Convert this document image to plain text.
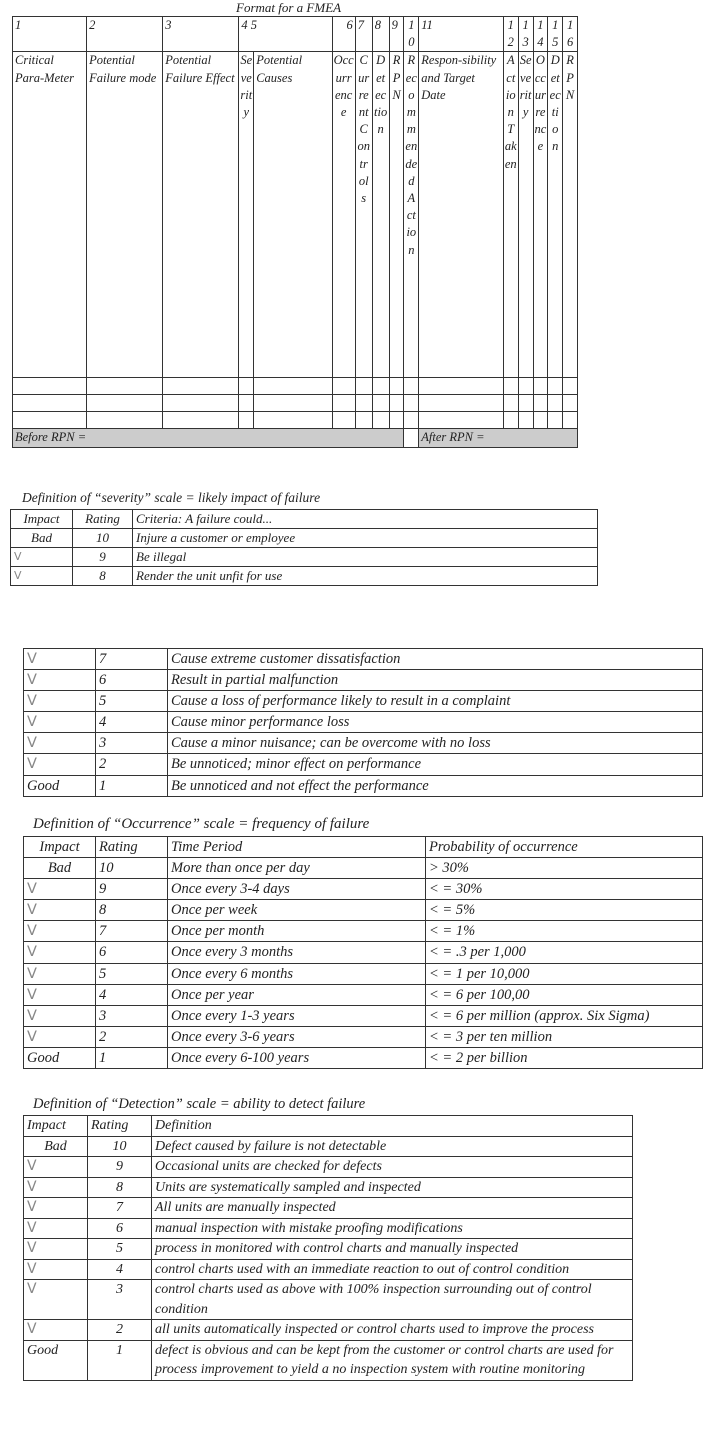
Format for a FMEA
1	2	3	4 5		6	7	8	9	1 0	11	1 2	1 3	1 4	1 5	1 6
Critical Para-Meter	Potential Failure mode	Potential Failure Effect	Severity	Potential Causes	Occurrence	Current Controls	Detection	RPN	Recommended Action	Respon-sibility and Target Date	Action Taken	Severity	Occurrence	Detection	RPN

Before RPN =										After RPN =					
Definition of “severity” scale = likely impact of failure
Impact	Rating	Criteria: A failure could...
Bad	10	Injure a customer or employee
V	9	Be illegal
V	8	Render the unit unfit for use
V	7	Cause extreme customer dissatisfaction
V	6	Result in partial malfunction
V	5	Cause a loss of performance likely to result in a complaint
V	4	Cause minor performance loss
V	3	Cause a minor nuisance; can be overcome with no loss
V	2	Be unnoticed; minor effect on performance
Good	1	Be unnoticed and not effect the performance
Definition of “Occurrence” scale = frequency of failure
Impact	Rating	Time Period	Probability of occurrence
Bad	10	More than once per day	> 30%
V	9	Once every 3-4 days	< = 30%
V	8	Once per week	< = 5%
V	7	Once per month	< = 1%
V	6	Once every 3 months	< = .3 per 1,000
V	5	Once every 6 months	< = 1 per 10,000
V	4	Once per year	< = 6 per 100,00
V	3	Once every 1-3 years	< = 6 per million (approx. Six Sigma)
V	2	Once every 3-6 years	< = 3 per ten million
Good	1	Once every 6-100 years	< = 2 per billion
Definition of “Detection” scale = ability to detect failure
Impact	Rating	Definition
Bad	10	Defect caused by failure is not detectable
V	9	Occasional units are checked for defects
V	8	Units are systematically sampled and inspected
V	7	All units are manually inspected
V	6	manual inspection with mistake proofing modifications
V	5	process in monitored with control charts and manually inspected
V	4	control charts used with an immediate reaction to out of control condition
V	3	control charts used as above with 100% inspection surrounding out of control condition
V	2	all units automatically inspected or control charts used to improve the process
Good	1	defect is obvious and can be kept from the customer or control charts are used for process improvement to yield a no inspection system with routine monitoring
